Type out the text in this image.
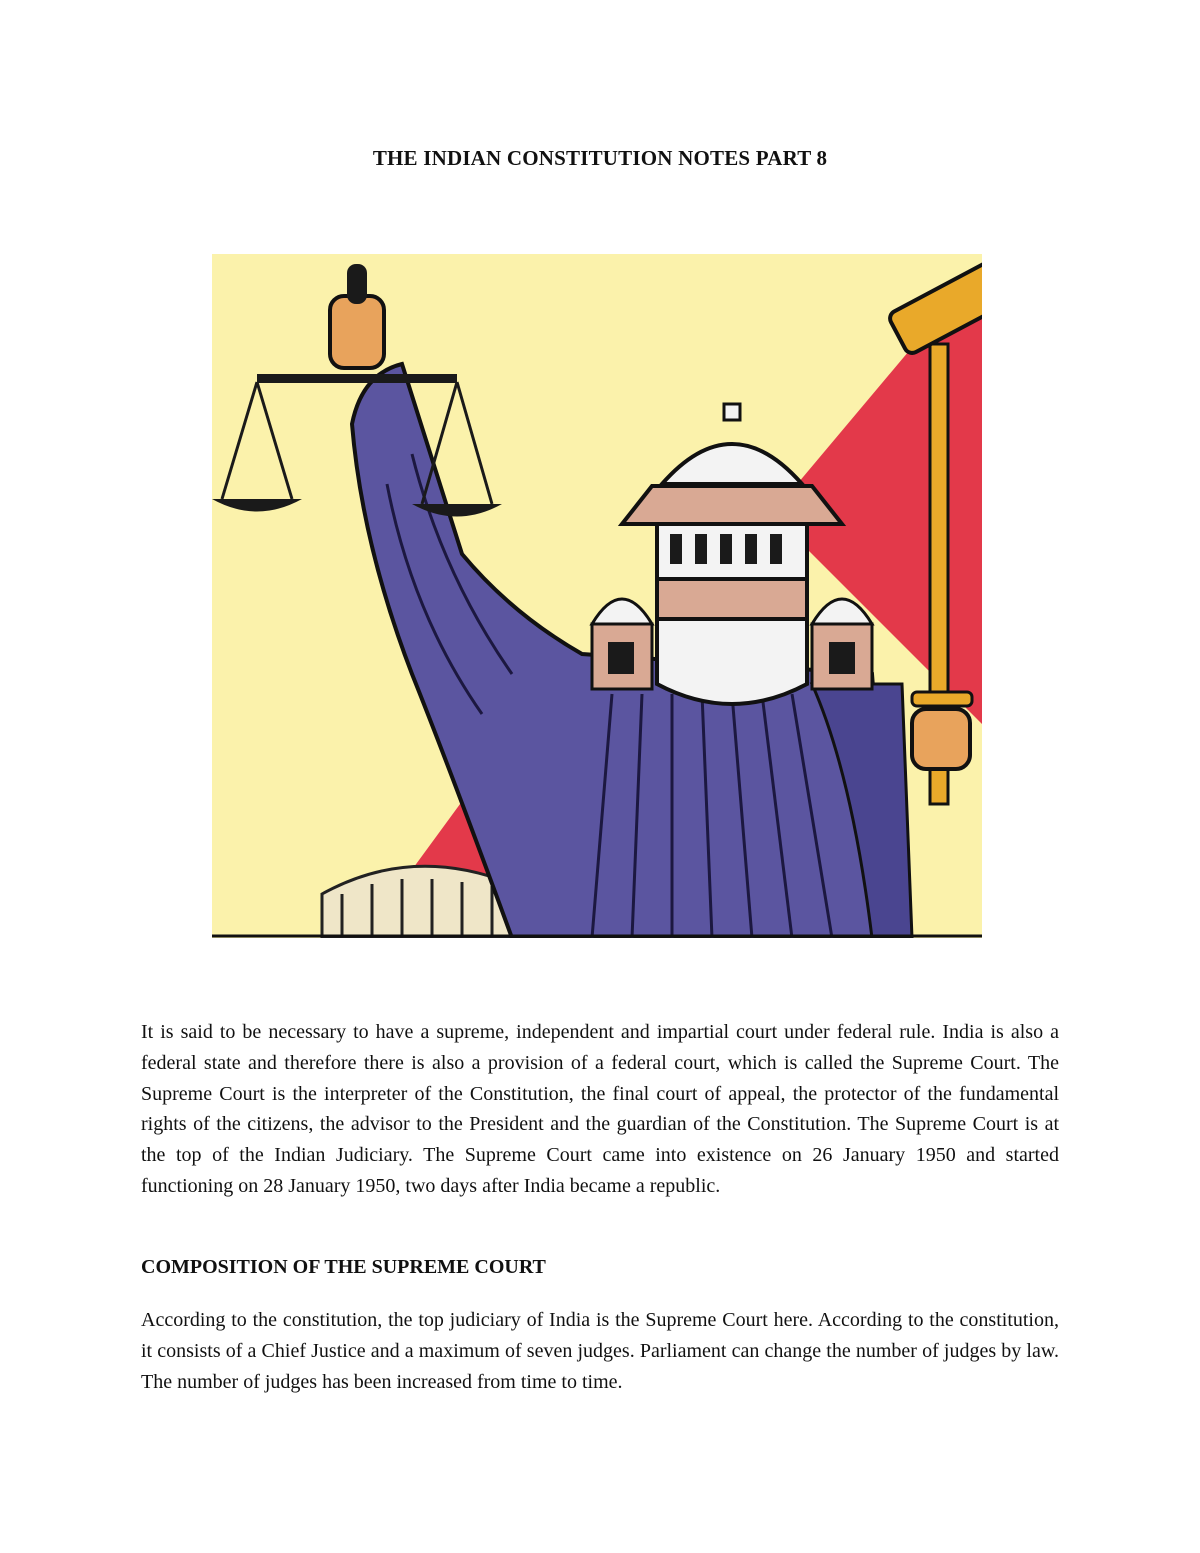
THE INDIAN CONSTITUTION NOTES PART 8

It is said to be necessary to have a supreme, independent and impartial court under federal rule. India is also a federal state and therefore there is also a provision of a federal court, which is called the Supreme Court. The Supreme Court is the interpreter of the Constitution, the final court of appeal, the protector of the fundamental rights of the citizens, the advisor to the President and the guardian of the Constitution. The Supreme Court is at the top of the Indian Judiciary. The Supreme Court came into existence on 26 January 1950 and started functioning on 28 January 1950, two days after India became a republic.

COMPOSITION OF THE SUPREME COURT

According to the constitution, the top judiciary of India is the Supreme Court here. According to the constitution, it consists of a Chief Justice and a maximum of seven judges. Parliament can change the number of judges by law. The number of judges has been increased from time to time.
